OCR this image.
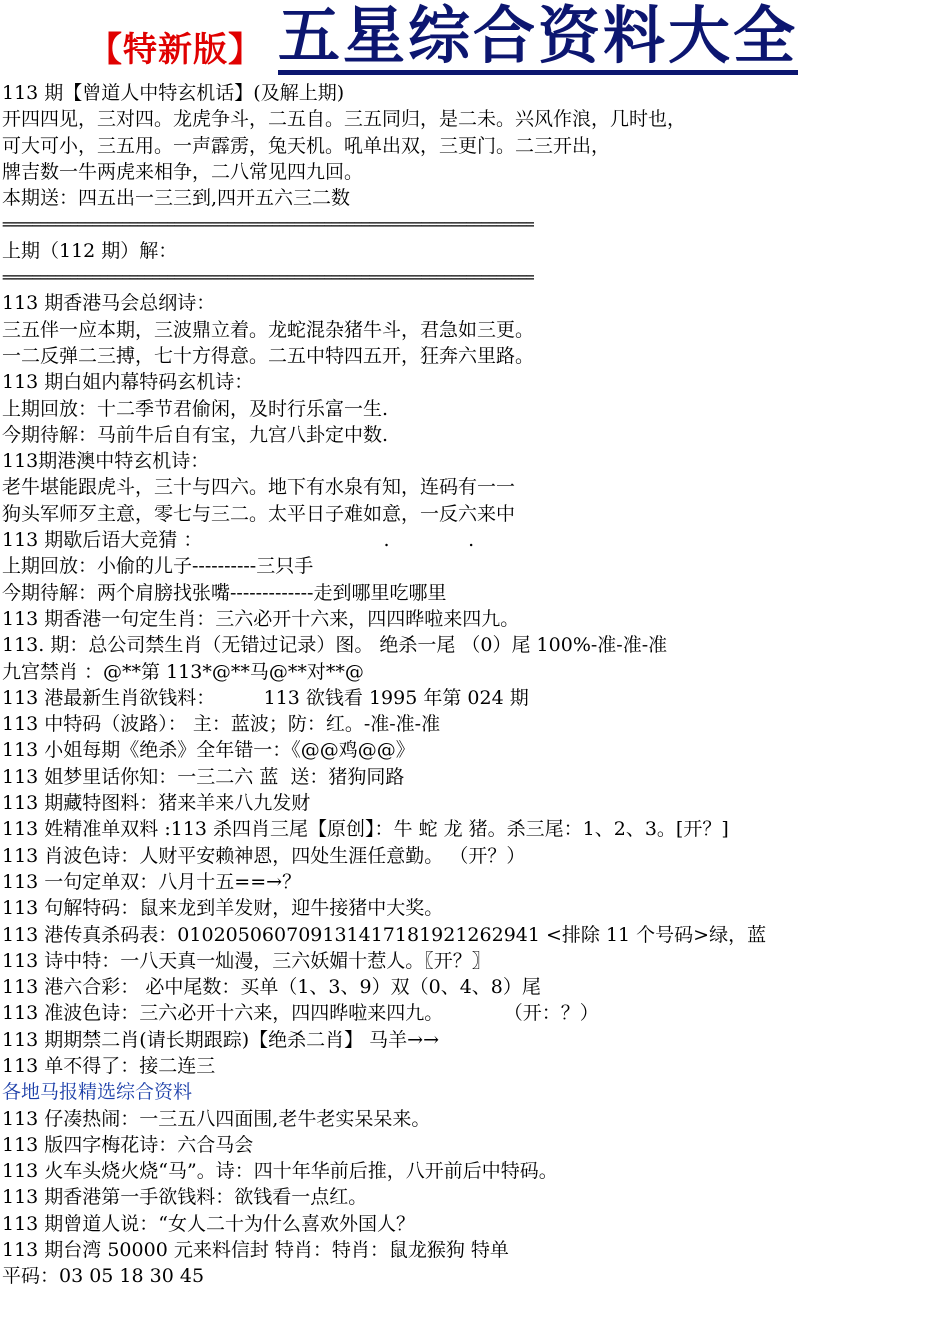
【特新版】 五星综合资料大全
113 期【曾道人中特玄机话】(及解上期)
开四四见，三对四。龙虎争斗，二五自。三五同归，是二未。兴风作浪，几时也，
可大可小，三五用。一声霹雳，兔天机。吼单出双，三更门。二三开出，
牌吉数一牛两虎来相争，二八常见四九回。
本期送：四五出一三三到,四开五六三二数
=======================================================================
上期（112 期）解：
=======================================================================
113 期香港马会总纲诗：
三五伴一应本期，三波鼎立着。龙蛇混杂猪牛斗，君急如三更。
一二反弹二三搏，七十方得意。二五中特四五开，狂奔六里路。
113 期白姐内幕特码玄机诗：
上期回放：十二季节君偷闲，及时行乐富一生.
今期待解：马前牛后自有宝，九宫八卦定中数.
113期港澳中特玄机诗：
老牛堪能跟虎斗，三十与四六。地下有水泉有知，连码有一一
狗头军师歹主意，零七与三二。太平日子难如意，一反六来中
113 期歇后语大竞猜 ：                              .             .
上期回放：小偷的儿子----------三只手
今期待解：两个肩膀找张嘴-------------走到哪里吃哪里
113 期香港一句定生肖：三六必开十六来，四四晔啦来四九。
113. 期：总公司禁生肖（无错过记录）图。 绝杀一尾 （0）尾 100%-准-准-准
九宫禁肖 ：@**第 113*@**马@**对**@
113 港最新生肖欲钱料：        113 欲钱看 1995 年第 024 期
113 中特码（波路）： 主：蓝波；防：红。-准-准-准
113 小姐每期《绝杀》全年错一：《@@鸡@@》
113 姐梦里话你知：一三二六 蓝  送：猪狗同路
113 期藏特图料：猪来羊来八九发财
113 姓精准单双料 :113 杀四肖三尾【原创】：牛 蛇 龙 猪。杀三尾：1、2、3。[开？]
113 肖波色诗：人财平安赖神恩，四处生涯任意勤。 （开？）
113 一句定单双：八月十五==→？
113 句解特码：鼠来龙到羊发财，迎牛接猪中大奖。
113 港传真杀码表：01020506070913141718192126​2941 <排除 11 个号码>绿，蓝
113 诗中特：一八天真一灿漫，三六妖媚十惹人。〖开？〗
113 港六合彩： 必中尾数：买单（1、3、9）双（0、4、8）尾
113 准波色诗：三六必开十六来，四四晔啦来四九。          （开：？）
113 期期禁二肖(请长期跟踪)【绝杀二肖】 马羊→→
113 单不得了：接二连三
各地马报精选综合资料
113 仔凑热闹：一三五八四面围,老牛老实呆呆来。
113 版四字梅花诗：六合马会
113 火车头烧火烧“马”。诗：四十年华前后推，八开前后中特码。
113 期香港第一手欲钱料：欲钱看一点红。
113 期曾道人说：“女人二十为什么喜欢外国人？
113 期台湾 50000 元来料信封 特肖：特肖：鼠龙猴狗 特单
平码：03 05 18 30 45
